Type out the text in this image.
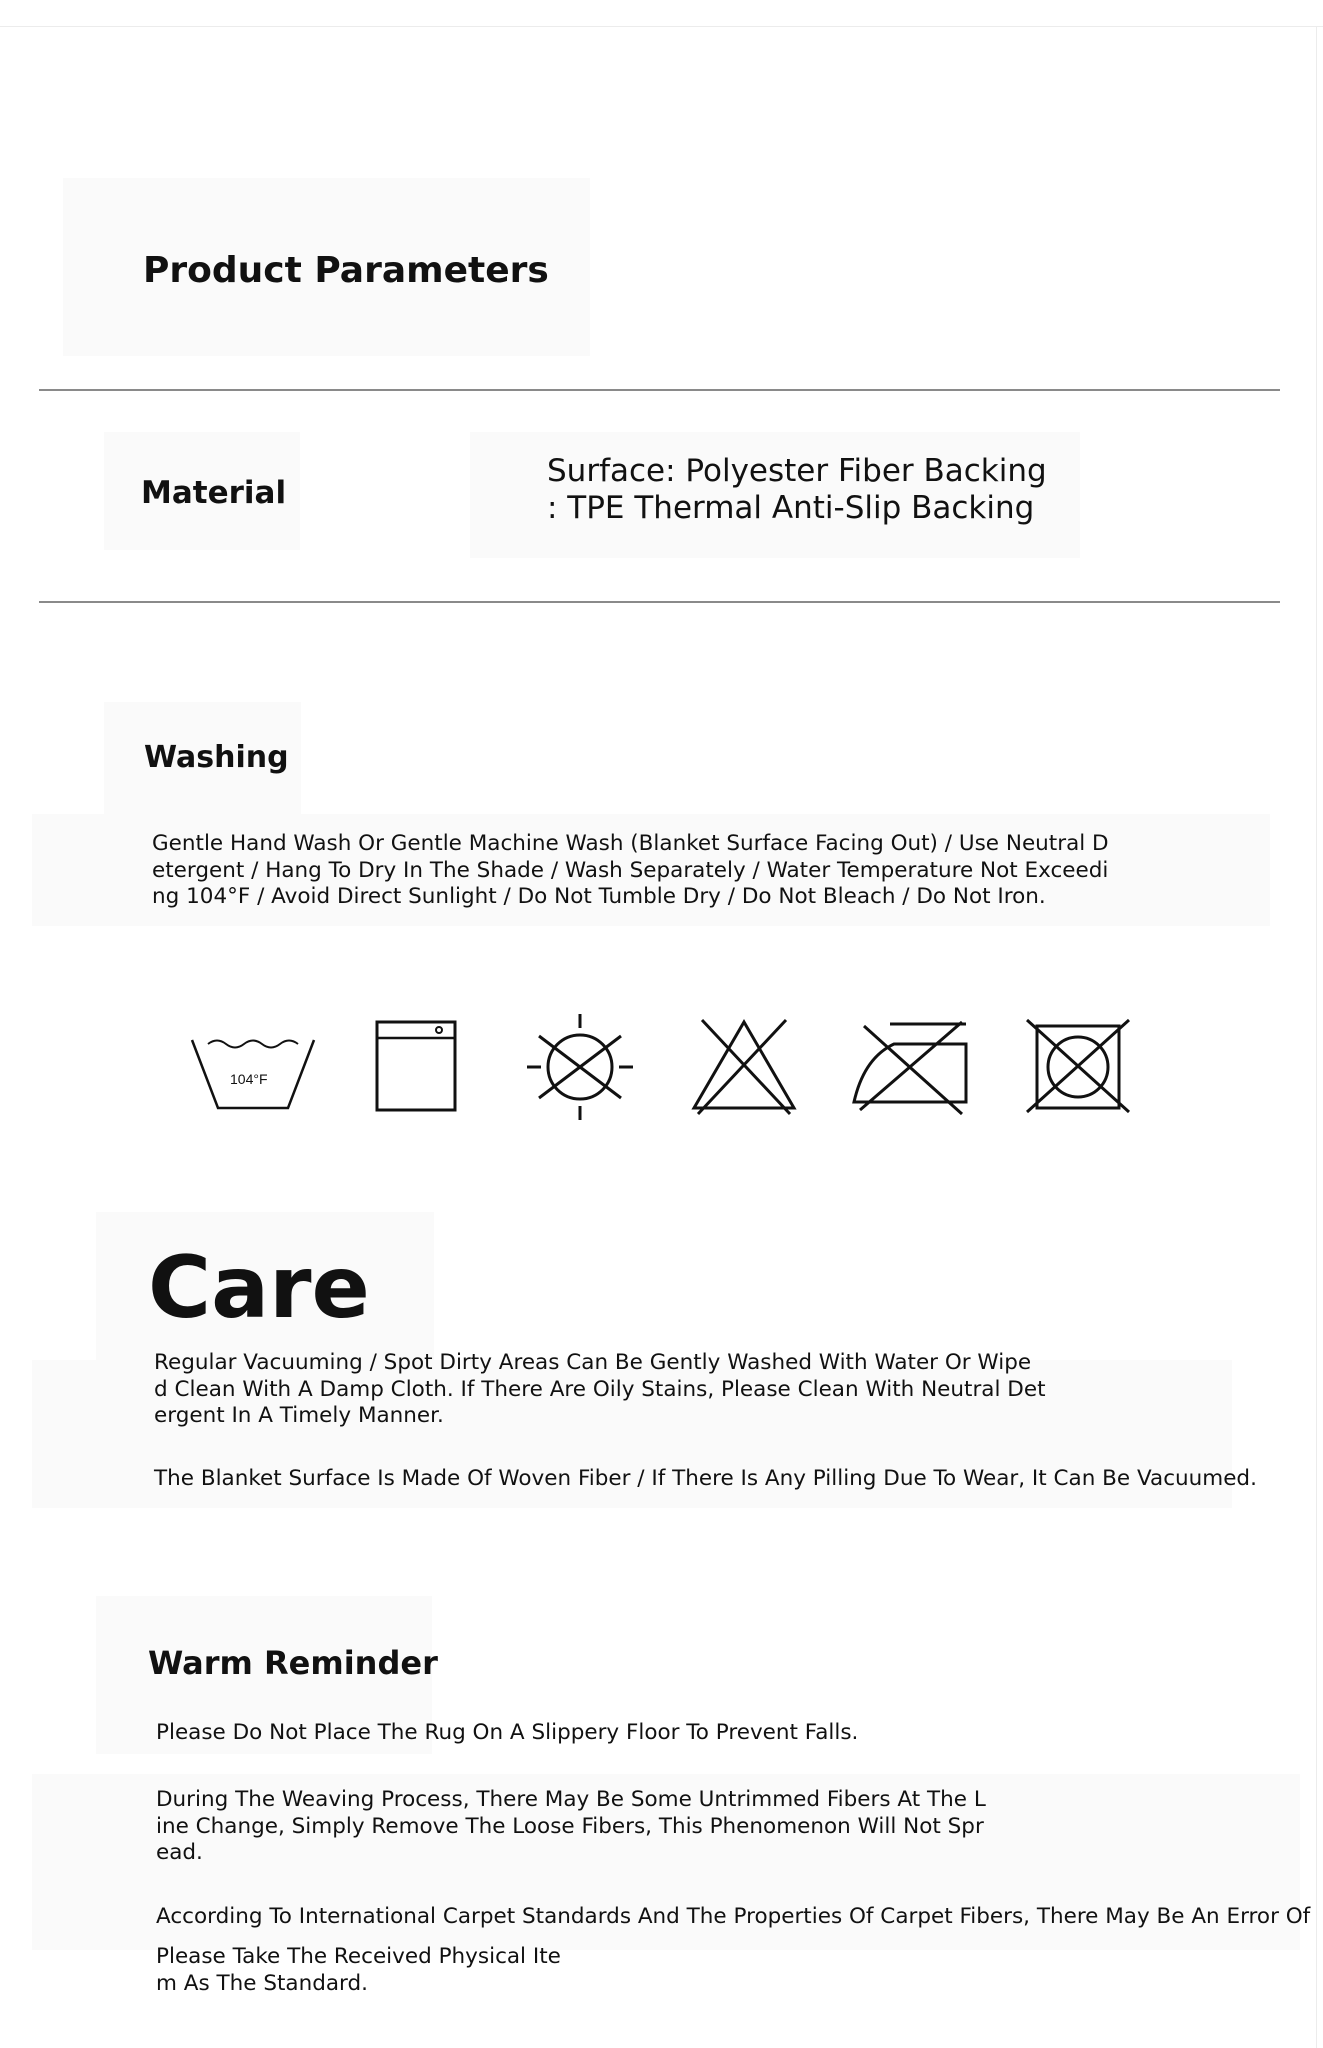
Product Parameters
Material
Surface: Polyester Fiber Backing
: TPE Thermal Anti-Slip Backing
Washing
Gentle Hand Wash Or Gentle Machine Wash (Blanket Surface Facing Out) / Use Neutral D
etergent / Hang To Dry In The Shade / Wash Separately / Water Temperature Not Exceedi
ng 104°F / Avoid Direct Sunlight / Do Not Tumble Dry / Do Not Bleach / Do Not Iron.
104°F
Care
Regular Vacuuming / Spot Dirty Areas Can Be Gently Washed With Water Or Wipe
d Clean With A Damp Cloth. If There Are Oily Stains, Please Clean With Neutral Det
ergent In A Timely Manner.
The Blanket Surface Is Made Of Woven Fiber / If There Is Any Pilling Due To Wear, It Can Be Vacuumed.
Warm Reminder
Please Do Not Place The Rug On A Slippery Floor To Prevent Falls.
During The Weaving Process, There May Be Some Untrimmed Fibers At The L
ine Change, Simply Remove The Loose Fibers, This Phenomenon Will Not Spr
ead.
According To International Carpet Standards And The Properties Of Carpet Fibers, There May Be An Error Of
Please Take The Received Physical Ite
m As The Standard.
